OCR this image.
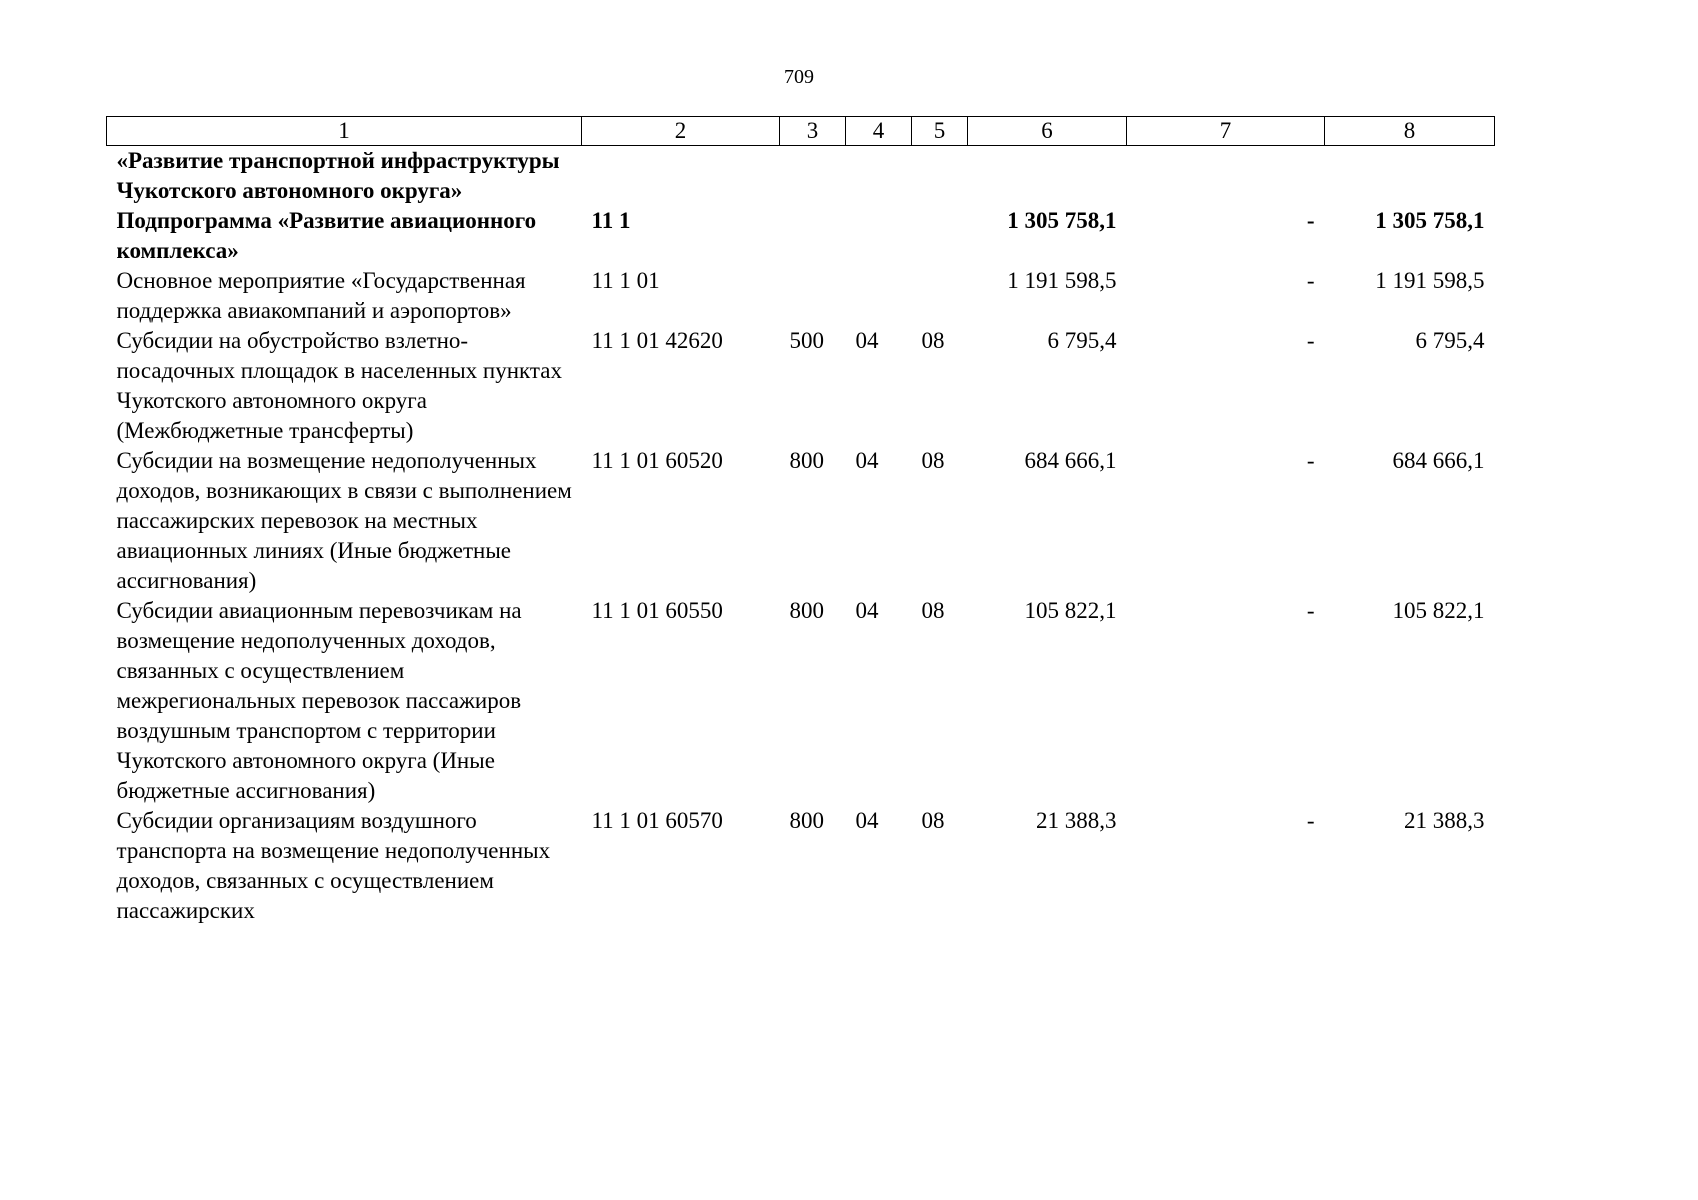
709
1	2	3	4	5	6	7	8
«Развитие транспортной инфраструктуры Чукотского автономного округа»							
Подпрограмма «Развитие авиационного комплекса»	11 1				1 305 758,1	-	1 305 758,1
Основное мероприятие «Государственная поддержка авиакомпаний и аэропортов»	11 1 01				1 191 598,5	-	1 191 598,5
Субсидии на обустройство взлетно-посадочных площадок в населенных пунктах Чукотского автономного округа (Межбюджетные трансферты)	11 1 01 42620	500	04	08	6 795,4	-	6 795,4
Субсидии на возмещение недополученных доходов, возникающих в связи с выполнением пассажирских перевозок на местных авиационных линиях (Иные бюджетные ассигнования)	11 1 01 60520	800	04	08	684 666,1	-	684 666,1
Субсидии авиационным перевозчикам на возмещение недополученных доходов, связанных с осуществлением межрегиональных перевозок пассажиров воздушным транспортом с территории Чукотского автономного округа (Иные бюджетные ассигнования)	11 1 01 60550	800	04	08	105 822,1	-	105 822,1
Субсидии организациям воздушного транспорта на возмещение недополученных доходов, связанных с осуществлением пассажирских	11 1 01 60570	800	04	08	21 388,3	-	21 388,3
